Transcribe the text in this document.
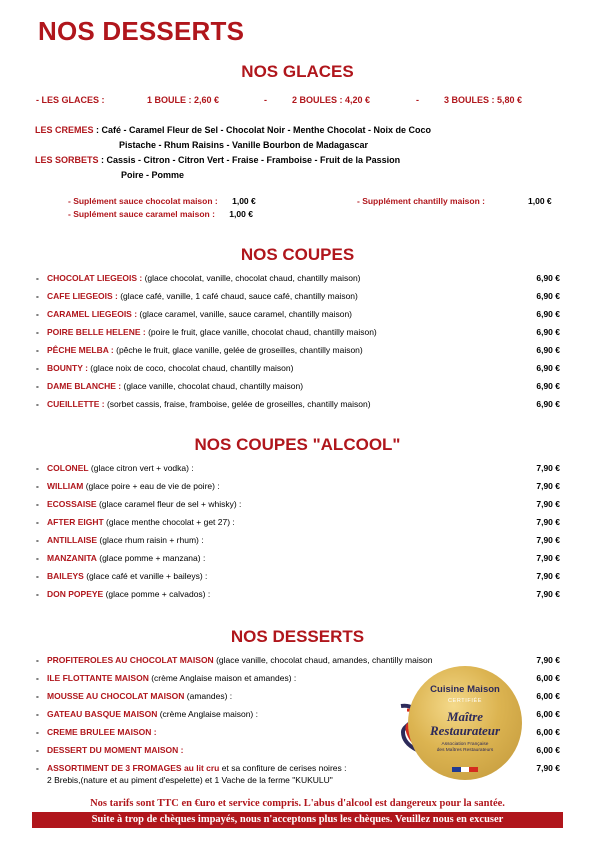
NOS DESSERTS
NOS GLACES
- LES GLACES :	1 BOULE : 2,60 €	-	2 BOULES : 4,20 €	-	3 BOULES : 5,80 €
LES CREMES : Café - Caramel Fleur de Sel - Chocolat Noir - Menthe Chocolat - Noix de Coco
Pistache - Rhum Raisins - Vanille Bourbon de Madagascar
LES SORBETS : Cassis - Citron - Citron Vert - Fraise - Framboise - Fruit de la Passion
Poire - Pomme
- Suplément sauce chocolat maison : 1,00 €
- Suplément sauce caramel maison : 1,00 €
- Supplément chantilly maison :	1,00 €
NOS COUPES
- CHOCOLAT LIEGEOIS : (glace chocolat, vanille, chocolat chaud, chantilly maison)	6,90 €
- CAFE LIEGEOIS : (glace café, vanille, 1 café chaud, sauce café, chantilly maison)	6,90 €
- CARAMEL LIEGEOIS : (glace caramel, vanille, sauce caramel, chantilly maison)	6,90 €
- POIRE BELLE HELENE : (poire le fruit, glace vanille, chocolat chaud, chantilly maison)	6,90 €
- PÊCHE MELBA : (pêche le fruit, glace vanille, gelée de groseilles, chantilly maison)	6,90 €
- BOUNTY : (glace noix de coco, chocolat chaud, chantilly maison)	6,90 €
- DAME BLANCHE : (glace vanille, chocolat chaud, chantilly maison)	6,90 €
- CUEILLETTE : (sorbet cassis, fraise, framboise, gelée de groseilles, chantilly maison)	6,90 €
NOS COUPES "ALCOOL"
- COLONEL (glace citron vert + vodka) :	7,90 €
- WILLIAM (glace poire + eau de vie de poire) :	7,90 €
- ECOSSAISE (glace caramel fleur de sel + whisky) :	7,90 €
- AFTER EIGHT (glace menthe chocolat + get 27) :	7,90 €
- ANTILLAISE (glace rhum raisin + rhum) :	7,90 €
- MANZANITA (glace pomme + manzana) :	7,90 €
- BAILEYS (glace café et vanille + baileys) :	7,90 €
- DON POPEYE (glace pomme + calvados) :	7,90 €
NOS DESSERTS
- PROFITEROLES AU CHOCOLAT MAISON (glace vanille, chocolat chaud, amandes, chantilly maison	7,90 €
- ILE FLOTTANTE MAISON (crème Anglaise maison et amandes) :	6,00 €
- MOUSSE AU CHOCOLAT MAISON (amandes) :	6,00 €
- GATEAU BASQUE MAISON (crème Anglaise maison) :	6,00 €
- CREME BRULEE MAISON :	6,00 €
- DESSERT DU MOMENT MAISON :	6,00 €
- ASSORTIMENT DE 3 FROMAGES au lit cru et sa confiture de cerises noires :
2 Brebis,(nature et au piment d'espelette) et 1 Vache de la ferme "KUKULU"
7,90 €
Cuisine Maison
CERTIFIÉE
Maître
Restaurateur
Association Française
des Maîtres Restaurateurs
Nos tarifs sont TTC en €uro et service compris. L'abus d'alcool est dangereux pour la santée.
Suite à trop de chèques impayés, nous n'acceptons plus les chèques. Veuillez nous en excuser
